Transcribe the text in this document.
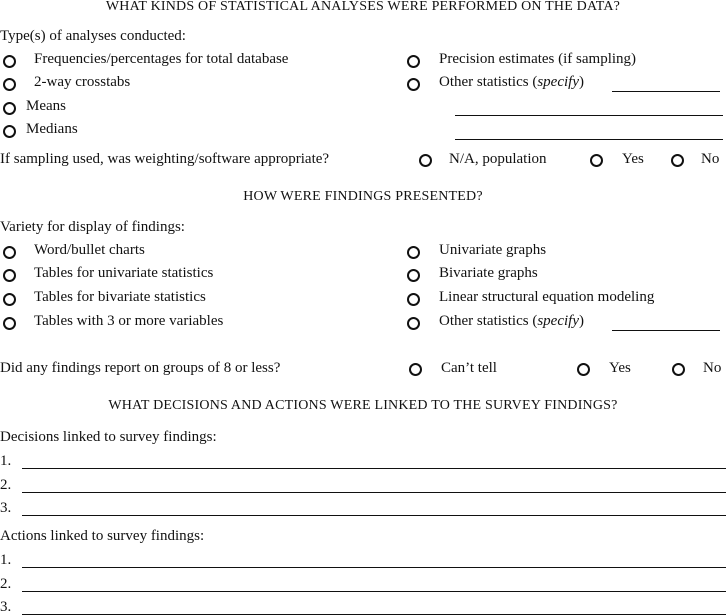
WHAT KINDS OF STATISTICAL ANALYSES WERE PERFORMED ON THE DATA?
Type(s) of analyses conducted:
Frequencies/percentages for total database
2-way crosstabs
Means
Medians
Precision estimates (if sampling)
Other statistics (specify)
If sampling used, was weighting/software appropriate?	N/A, population	Yes	No
HOW WERE FINDINGS PRESENTED?
Variety for display of findings:
Word/bullet charts
Tables for univariate statistics
Tables for bivariate statistics
Tables with 3 or more variables
Univariate graphs
Bivariate graphs
Linear structural equation modeling
Other statistics (specify)
Did any findings report on groups of 8 or less?	Can’t tell	Yes	No
WHAT DECISIONS AND ACTIONS WERE LINKED TO THE SURVEY FINDINGS?
Decisions linked to survey findings:
1.
2.
3.
Actions linked to survey findings:
1.
2.
3.
